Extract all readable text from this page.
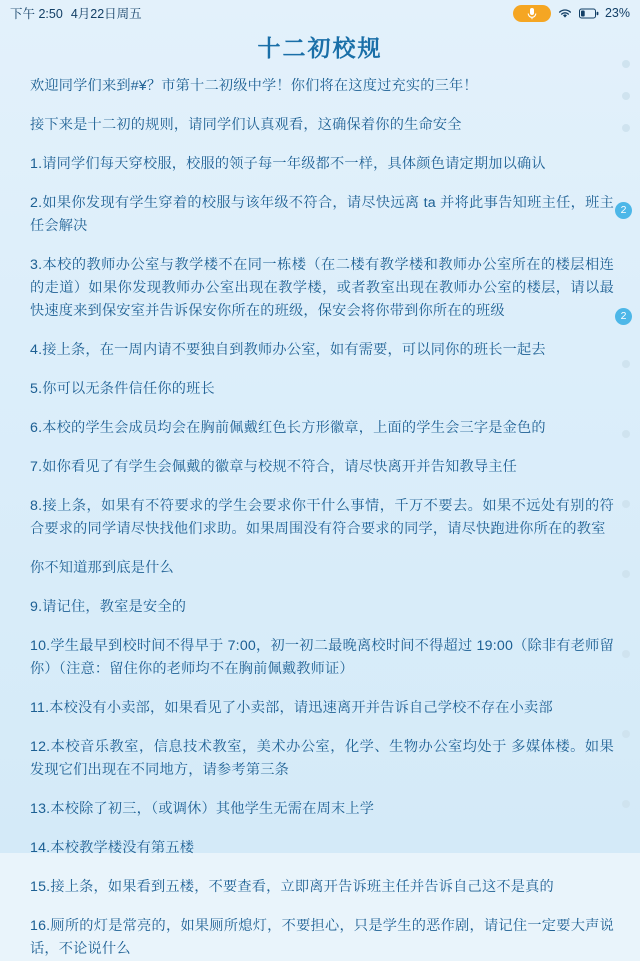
下午 2:50 4月22日周五	23%
十二初校规

欢迎同学们来到#¥？市第十二初级中学！你们将在这度过充实的三年！

接下来是十二初的规则，请同学们认真观看，这确保着你的生命安全

1.请同学们每天穿校服，校服的领子每一年级都不一样，具体颜色请定期加以确认

2.如果你发现有学生穿着的校服与该年级不符合，请尽快远离 ta 并将此事告知班主任，班主任会解决

3.本校的教师办公室与教学楼不在同一栋楼（在二楼有教学楼和教师办公室所在的楼层相连的走道）如果你发现教师办公室出现在教学楼，或者教室出现在教师办公室的楼层，请以最快速度来到保安室并告诉保安你所在的班级，保安会将你带到你所在的班级

4.接上条，在一周内请不要独自到教师办公室，如有需要，可以同你的班长一起去

5.你可以无条件信任你的班长

6.本校的学生会成员均会在胸前佩戴红色长方形徽章，上面的学生会三字是金色的

7.如你看见了有学生会佩戴的徽章与校规不符合，请尽快离开并告知教导主任

8.接上条，如果有不符要求的学生会要求你干什么事情，千万不要去。如果不远处有别的符合要求的同学请尽快找他们求助。如果周围没有符合要求的同学，请尽快跑进你所在的教室

你不知道那到底是什么

9.请记住，教室是安全的

10.学生最早到校时间不得早于 7:00，初一初二最晚离校时间不得超过 19:00（除非有老师留你）（注意：留住你的老师均不在胸前佩戴教师证）

11.本校没有小卖部，如果看见了小卖部，请迅速离开并告诉自己学校不存在小卖部

12.本校音乐教室，信息技术教室，美术办公室，化学、生物办公室均处于 多媒体楼。如果发现它们出现在不同地方，请参考第三条

13.本校除了初三，（或调休）其他学生无需在周末上学

14.本校教学楼没有第五楼

15.接上条，如果看到五楼，不要查看，立即离开告诉班主任并告诉自己这不是真的

16.厕所的灯是常亮的，如果厕所熄灯，不要担心，只是学生的恶作剧，请记住一定要大声说话，不论说什么

2
2
